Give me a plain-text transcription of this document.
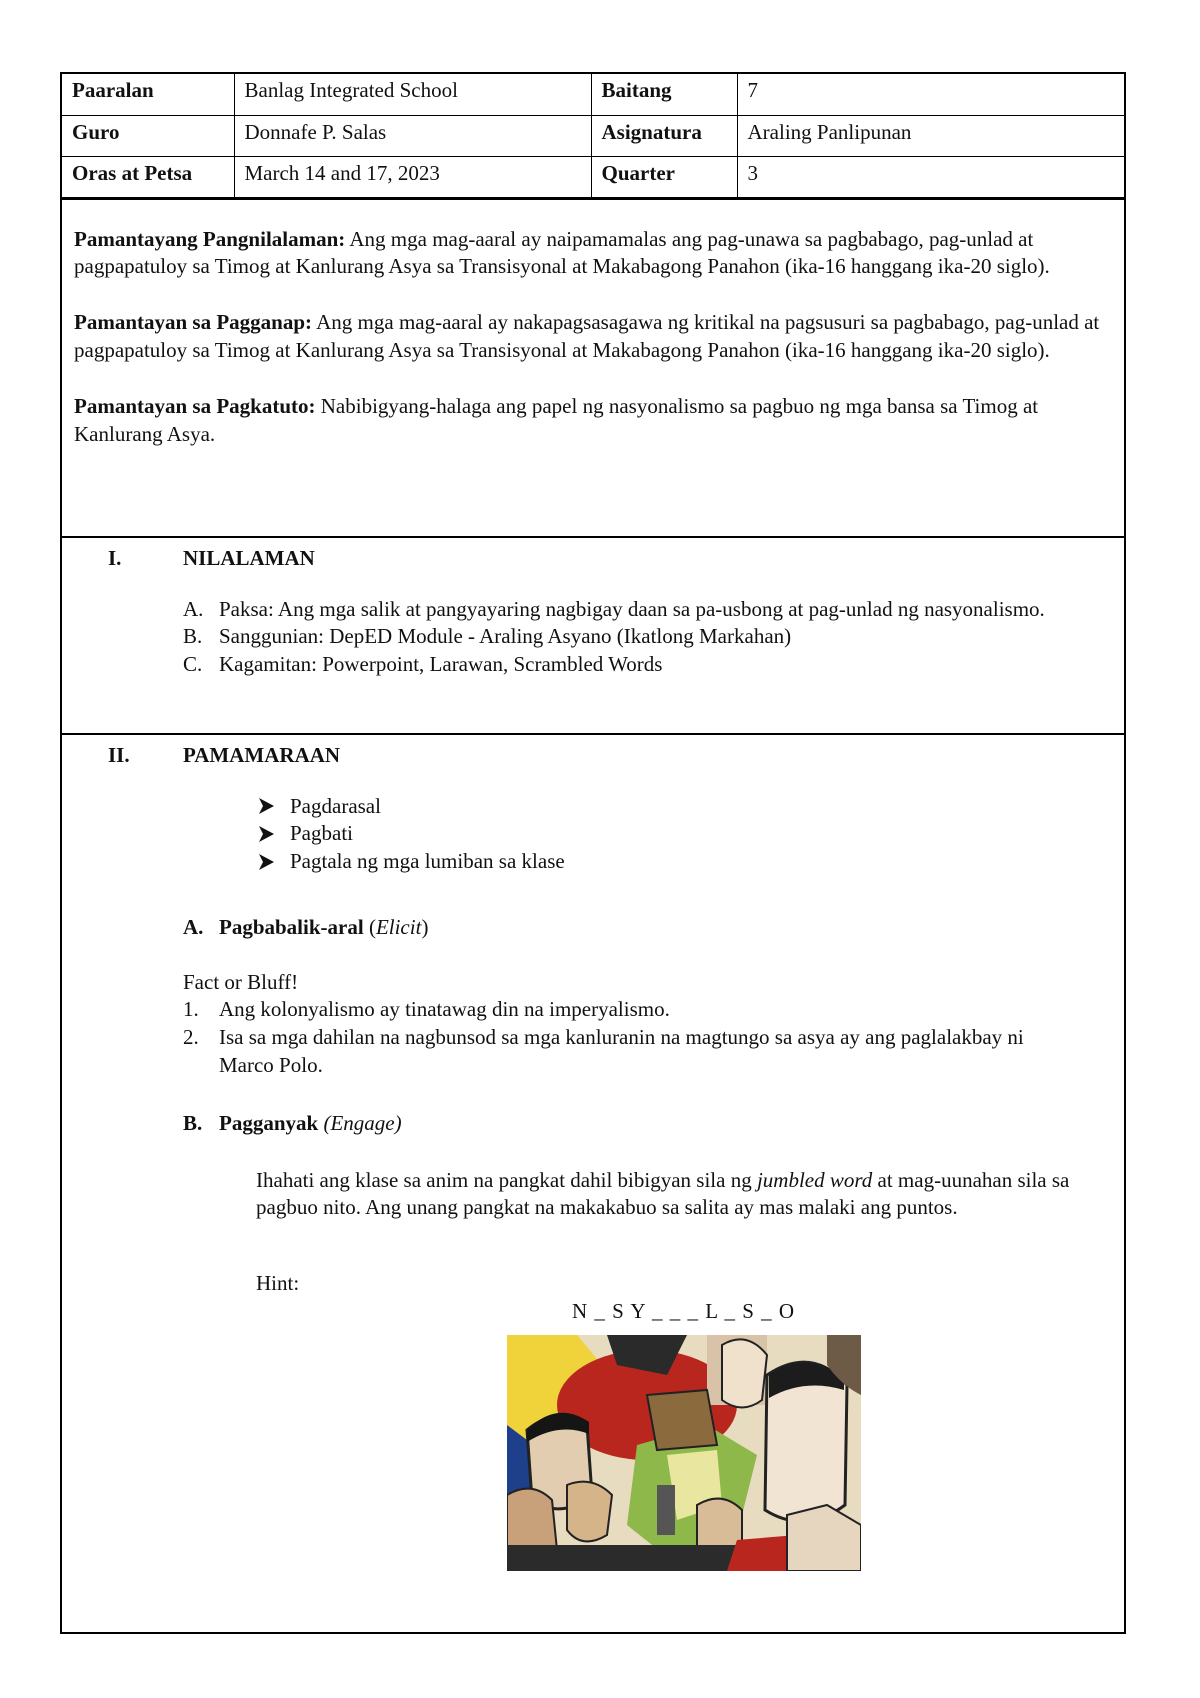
Paaralan	Banlag Integrated School	Baitang	7
Guro	Donnafe P. Salas	Asignatura	Araling Panlipunan
Oras at Petsa	March 14 and 17, 2023	Quarter	3

Pamantayang Pangnilalaman: Ang mga mag-aaral ay naipamamalas ang pag-unawa sa pagbabago, pag-unlad at pagpapatuloy sa Timog at Kanlurang Asya sa Transisyonal at Makabagong Panahon (ika-16 hanggang ika-20 siglo).

Pamantayan sa Pagganap: Ang mga mag-aaral ay nakapagsasagawa ng kritikal na pagsusuri sa pagbabago, pag-unlad at pagpapatuloy sa Timog at Kanlurang Asya sa Transisyonal at Makabagong Panahon (ika-16 hanggang ika-20 siglo).

Pamantayan sa Pagkatuto: Nabibigyang-halaga ang papel ng nasyonalismo sa pagbuo ng mga bansa sa Timog at Kanlurang Asya.

I.	NILALAMAN
A. Paksa: Ang mga salik at pangyayaring nagbigay daan sa pa-usbong at pag-unlad ng nasyonalismo.
B. Sanggunian: DepED Module - Araling Asyano (Ikatlong Markahan)
C. Kagamitan: Powerpoint, Larawan, Scrambled Words
II.	PAMAMARAAN
Pagdarasal
Pagbati
Pagtala ng mga lumiban sa klase
A. Pagbabalik-aral (Elicit)
Fact or Bluff!
1. Ang kolonyalismo ay tinatawag din na imperyalismo.
2. Isa sa mga dahilan na nagbunsod sa mga kanluranin na magtungo sa asya ay ang paglalakbay ni Marco Polo.
B. Pagganyak (Engage)
Ihahati ang klase sa anim na pangkat dahil bibigyan sila ng jumbled word at mag-uunahan sila sa pagbuo nito. Ang unang pangkat na makakabuo sa salita ay mas malaki ang puntos.
Hint:
N _ S Y _ _ _ L _ S _ O
